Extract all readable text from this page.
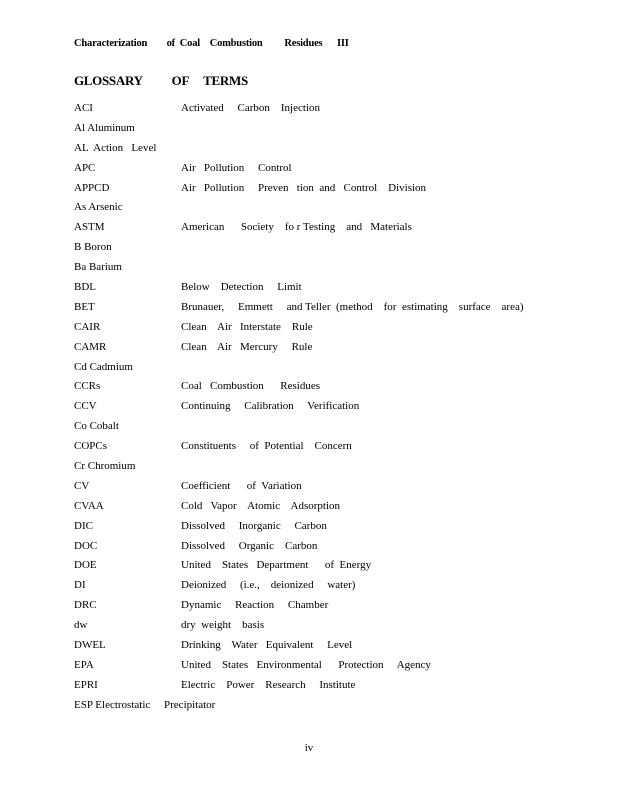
Characterization        of  Coal    Combustion         Residues      III
GLOSSARY          OF     TERMS
ACI	Activated     Carbon    Injection
Al Aluminum
AL  Action   Level
APC	Air   Pollution     Control
APPCD	Air   Pollution     Preven   tion  and   Control    Division
As Arsenic
ASTM	American      Society    fo r Testing    and   Materials
B Boron
Ba Barium
BDL	Below    Detection     Limit
BET	Brunauer,     Emmett     and Teller  (method    for  estimating    surface    area)
CAIR	Clean    Air   Interstate    Rule
CAMR	Clean    Air   Mercury     Rule
Cd Cadmium
CCRs	Coal   Combustion      Residues
CCV	Continuing     Calibration     Verification
Co Cobalt
COPCs	Constituents     of  Potential    Concern
Cr Chromium
CV	Coefficient      of  Variation
CVAA	Cold   Vapor    Atomic    Adsorption
DIC	Dissolved     Inorganic     Carbon
DOC	Dissolved     Organic    Carbon
DOE	United    States   Department      of  Energy
DI	Deionized     (i.e.,    deionized     water)
DRC	Dynamic     Reaction     Chamber
dw	dry  weight    basis
DWEL	Drinking    Water   Equivalent     Level
EPA	United    States   Environmental      Protection     Agency
EPRI	Electric    Power    Research     Institute
ESP Electrostatic     Precipitator
iv
